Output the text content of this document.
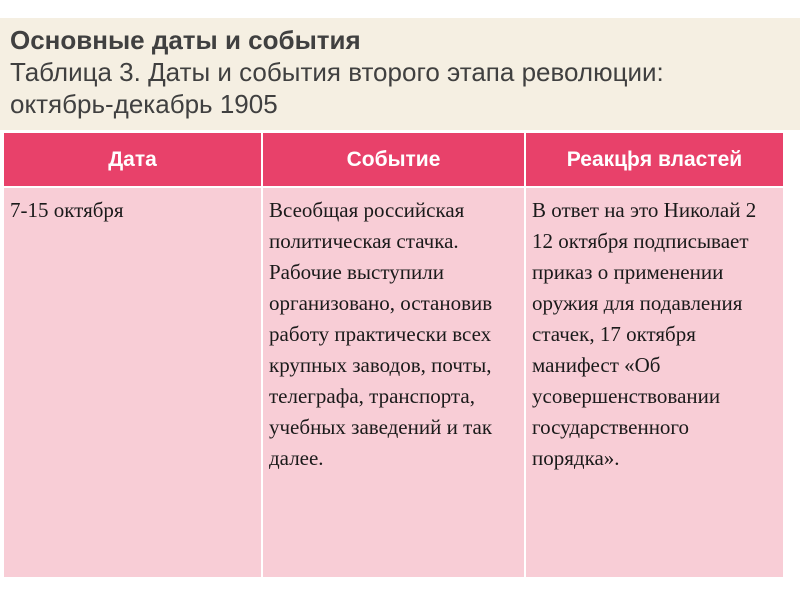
Основные даты и события
Таблица 3. Даты и события второго этапа революции:
октябрь-декабрь 1905
Дата	Событие	Реакцþя властей

7-15 октября	Всеобщая российская политическая стачка. Рабочие выступили организовано, остановив работу практически всех крупных заводов, почты, телеграфа, транспорта, учебных заведений и так далее.	В ответ на это Николай 2 12 октября подписывает приказ о применении оружия для подавления стачек, 17 октября манифест «Об усовершенствовании государственного порядка».
